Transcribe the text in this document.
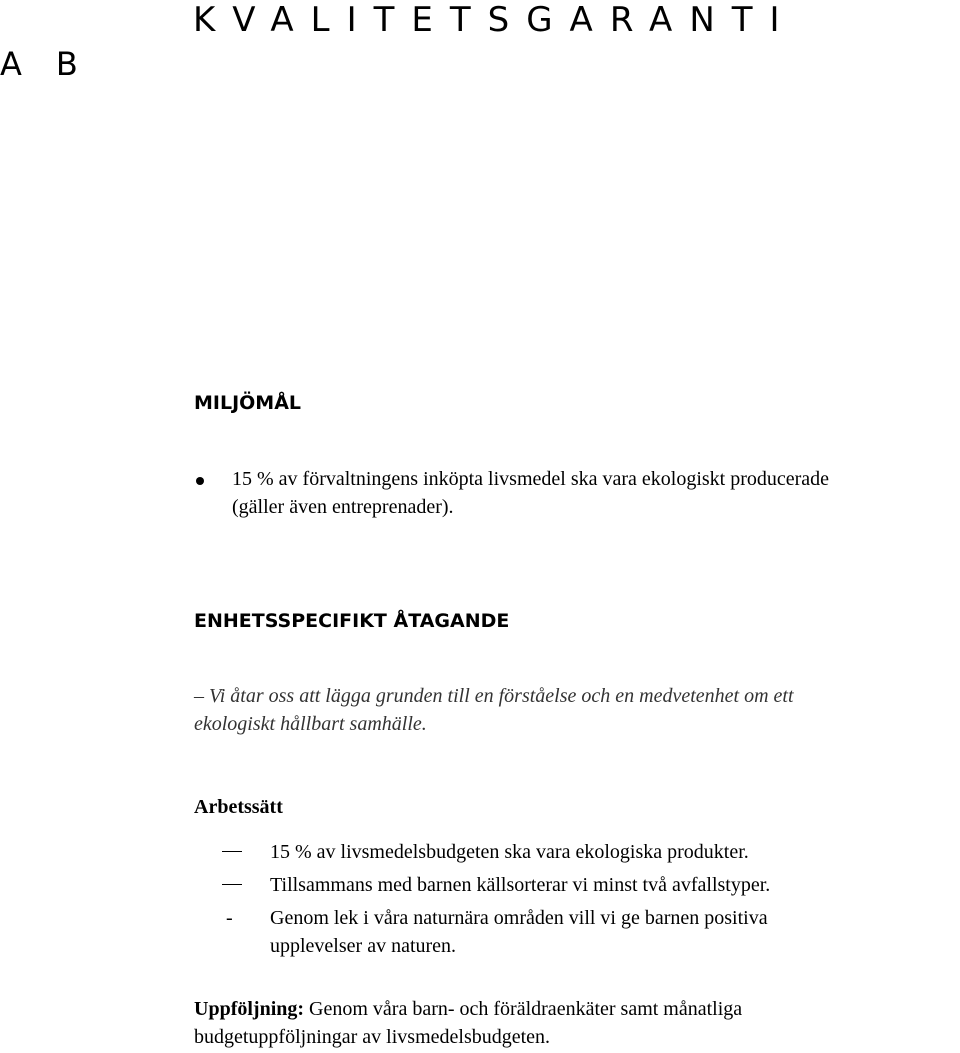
KVALITETSGARANTI
A B
MILJÖMÅL
15 % av förvaltningens inköpta livsmedel ska vara ekologiskt producerade
(gäller även entreprenader).
ENHETSSPECIFIKT ÅTAGANDE
– Vi åtar oss att lägga grunden till en förståelse och en medvetenhet om ett
ekologiskt hållbart samhälle.
Arbetssätt
15 % av livsmedelsbudgeten ska vara ekologiska produkter.
Tillsammans med barnen källsorterar vi minst två avfallstyper.
- Genom lek i våra naturnära områden vill vi ge barnen positiva
upplevelser av naturen.
Uppföljning: Genom våra barn- och föräldraenkäter samt månatliga
budgetuppföljningar av livsmedelsbudgeten.
